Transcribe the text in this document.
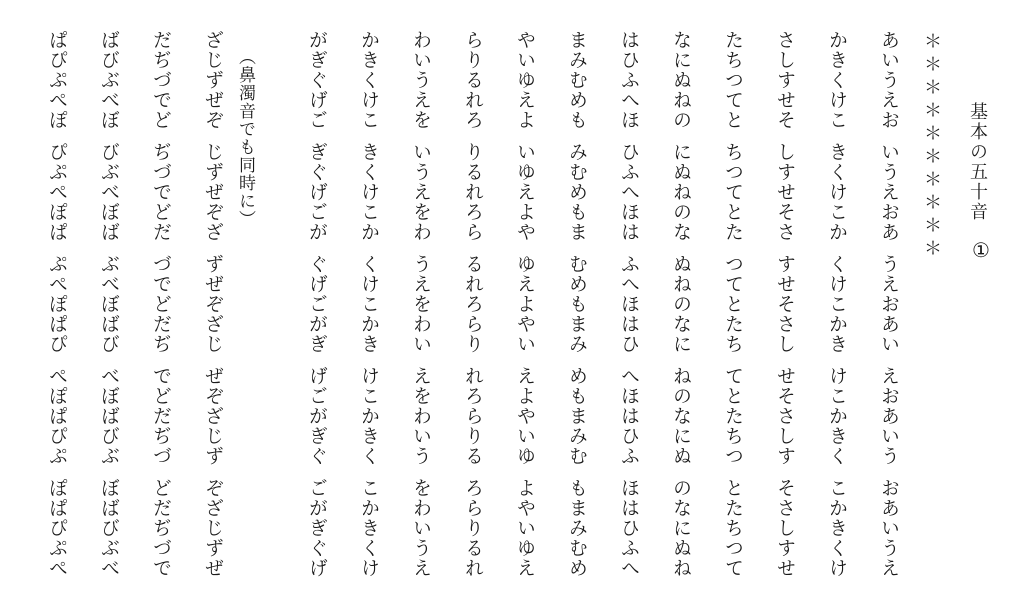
基本の五十音
①
＊＊＊＊＊＊＊＊＊＊
（鼻濁音でも同時に）	あいうえお
いうえおあ
うえおあい
えおあいう
おあいうえ
かきくけこ
きくけこか
くけこかき
けこかきく
こかきくけ
さしすせそ
しすせそさ
すせそさし
せそさしす
そさしすせ
たちつてと
ちつてとた
つてとたち
てとたちつ
とたちつて
なにぬねの
にぬねのな
ぬねのなに
ねのなにぬ
のなにぬね
はひふへほ
ひふへほは
ふへほはひ
へほはひふ
ほはひふへ
まみむめも
みむめもま
むめもまみ
めもまみむ
もまみむめ
やいゆえよ
いゆえよや
ゆえよやい
えよやいゆ
よやいゆえ
らりるれろ
りるれろら
るれろらり
れろらりる
ろらりるれ
わいうえを
いうえをわ
うえをわい
えをわいう
をわいうえ
かきくけこ
きくけこか
くけこかき
けこかきく
こかきくけ
がぎぐげご
ぎぐげごが
ぐげごがぎ
げごがぎぐ
ごがぎぐげ
ざじずぜぞ
じずぜぞざ
ずぜぞざじ
ぜぞざじず
ぞざじずぜ
だぢづでど
ぢづでどだ
づでどだぢ
でどだぢづ
どだぢづで
ばびぶべぼ
びぶべぼば
ぶべぼばび
べぼばびぶ
ぼばびぶべ
ぱぴぷぺぽ
ぴぷぺぽぱ
ぷぺぽぱぴ
ぺぽぱぴぷ
ぽぱぴぷぺ
